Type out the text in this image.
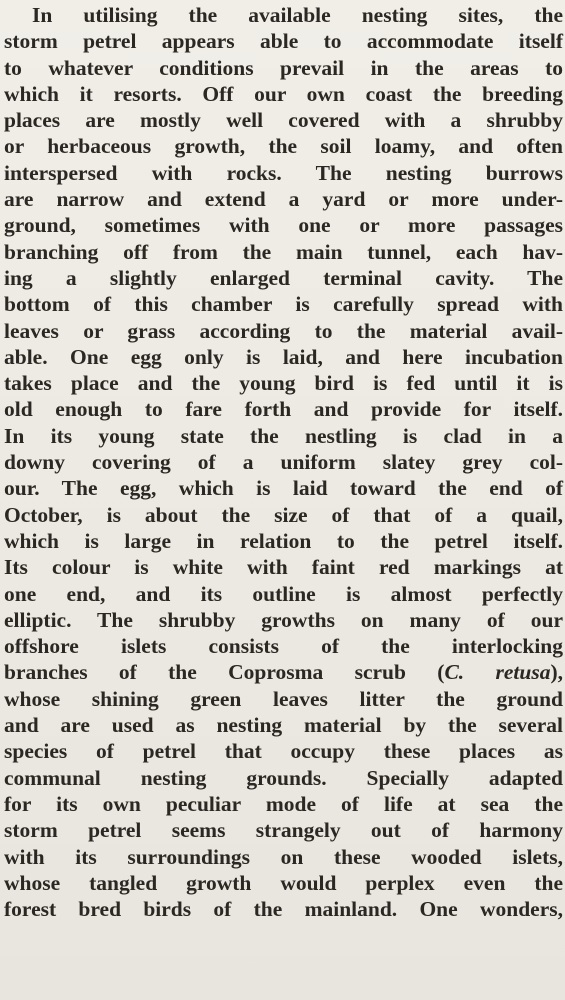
In utilising the available nesting sites, the
storm petrel appears able to accommodate itself
to whatever conditions prevail in the areas to
which it resorts. Off our own coast the breeding
places are mostly well covered with a shrubby
or herbaceous growth, the soil loamy, and often
interspersed with rocks. The nesting burrows
are narrow and extend a yard or more under-
ground, sometimes with one or more passages
branching off from the main tunnel, each hav-
ing a slightly enlarged terminal cavity. The
bottom of this chamber is carefully spread with
leaves or grass according to the material avail-
able. One egg only is laid, and here incubation
takes place and the young bird is fed until it is
old enough to fare forth and provide for itself.
In its young state the nestling is clad in a
downy covering of a uniform slatey grey col-
our. The egg, which is laid toward the end of
October, is about the size of that of a quail,
which is large in relation to the petrel itself.
Its colour is white with faint red markings at
one end, and its outline is almost perfectly
elliptic. The shrubby growths on many of our
offshore islets consists of the interlocking
branches of the Coprosma scrub (C. retusa),
whose shining green leaves litter the ground
and are used as nesting material by the several
species of petrel that occupy these places as
communal nesting grounds. Specially adapted
for its own peculiar mode of life at sea the
storm petrel seems strangely out of harmony
with its surroundings on these wooded islets,
whose tangled growth would perplex even the
forest bred birds of the mainland. One wonders,
